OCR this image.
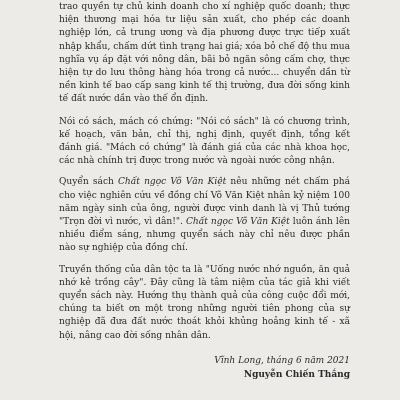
trao quyền tự chủ kinh doanh cho xí nghiệp quốc doanh; thực hiện thương mại hóa tư liệu sản xuất, cho phép các doanh nghiệp lớn, cả trung ương và địa phương được trực tiếp xuất nhập khẩu, chấm dứt tình trạng hai giá; xóa bỏ chế độ thu mua nghĩa vụ áp đặt với nông dân, bãi bỏ ngăn sông cấm chợ, thực hiện tự do lưu thông hàng hóa trong cả nước... chuyển dần từ nền kinh tế bao cấp sang kinh tế thị trường, đưa đời sống kinh tế đất nước dần vào thế ổn định.

Nói có sách, mách có chứng: "Nói có sách" là có chương trình, kế hoạch, văn bản, chỉ thị, nghị định, quyết định, tổng kết đánh giá. "Mách có chứng" là đánh giá của các nhà khoa học, các nhà chính trị được trong nước và ngoài nước công nhận.

Quyển sách Chất ngọc Võ Văn Kiệt nêu những nét chấm phá cho việc nghiên cứu về đồng chí Võ Văn Kiệt nhân kỷ niệm 100 năm ngày sinh của ông, người được vinh danh là vị Thủ tướng "Trọn đời vì nước, vì dân!". Chất ngọc Võ Văn Kiệt luôn ánh lên nhiều điểm sáng, nhưng quyển sách này chỉ nêu được phần nào sự nghiệp của đồng chí.

Truyền thống của dân tộc ta là "Uống nước nhớ nguồn, ăn quả nhớ kẻ trồng cây". Đây cũng là tâm niệm của tác giả khi viết quyển sách này. Hướng thụ thành quả của công cuộc đổi mới, chúng ta biết ơn một trong những người tiên phong của sự nghiệp đã đưa đất nước thoát khỏi khủng hoảng kinh tế - xã hội, nâng cao đời sống nhân dân.

Vĩnh Long, tháng 6 năm 2021
Nguyễn Chiến Thắng
